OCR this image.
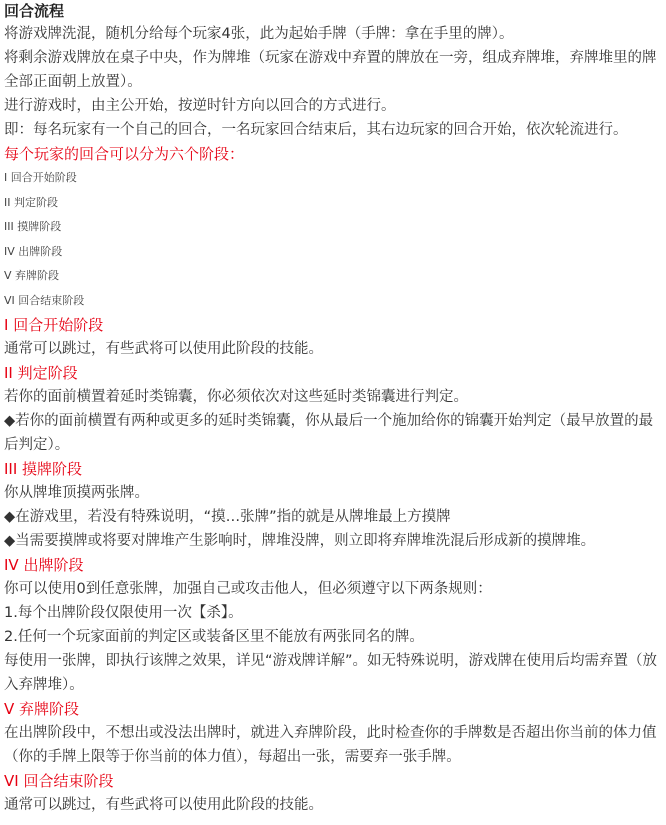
回合流程

将游戏牌洗混，随机分给每个玩家4张，此为起始手牌（手牌：拿在手里的牌）。

将剩余游戏牌放在桌子中央，作为牌堆（玩家在游戏中弃置的牌放在一旁，组成弃牌堆，弃牌堆里的牌全部正面朝上放置）。

进行游戏时，由主公开始，按逆时针方向以回合的方式进行。

即：每名玩家有一个自己的回合，一名玩家回合结束后，其右边玩家的回合开始，依次轮流进行。

每个玩家的回合可以分为六个阶段：

I 回合开始阶段
II 判定阶段
III 摸牌阶段
IV 出牌阶段
V 弃牌阶段
VI 回合结束阶段

I 回合开始阶段

通常可以跳过，有些武将可以使用此阶段的技能。

II 判定阶段

若你的面前横置着延时类锦囊，你必须依次对这些延时类锦囊进行判定。

◆若你的面前横置有两种或更多的延时类锦囊，你从最后一个施加给你的锦囊开始判定（最早放置的最后判定）。

III 摸牌阶段

你从牌堆顶摸两张牌。

◆在游戏里，若没有特殊说明，“摸…张牌”指的就是从牌堆最上方摸牌

◆当需要摸牌或将要对牌堆产生影响时，牌堆没牌，则立即将弃牌堆洗混后形成新的摸牌堆。

IV 出牌阶段

你可以使用0到任意张牌，加强自己或攻击他人，但必须遵守以下两条规则：

1.每个出牌阶段仅限使用一次【杀】。

2.任何一个玩家面前的判定区或装备区里不能放有两张同名的牌。

每使用一张牌，即执行该牌之效果，详见“游戏牌详解”。如无特殊说明，游戏牌在使用后均需弃置（放入弃牌堆）。

V 弃牌阶段

在出牌阶段中，不想出或没法出牌时，就进入弃牌阶段，此时检查你的手牌数是否超出你当前的体力值（你的手牌上限等于你当前的体力值），每超出一张，需要弃一张手牌。

VI 回合结束阶段

通常可以跳过，有些武将可以使用此阶段的技能。
